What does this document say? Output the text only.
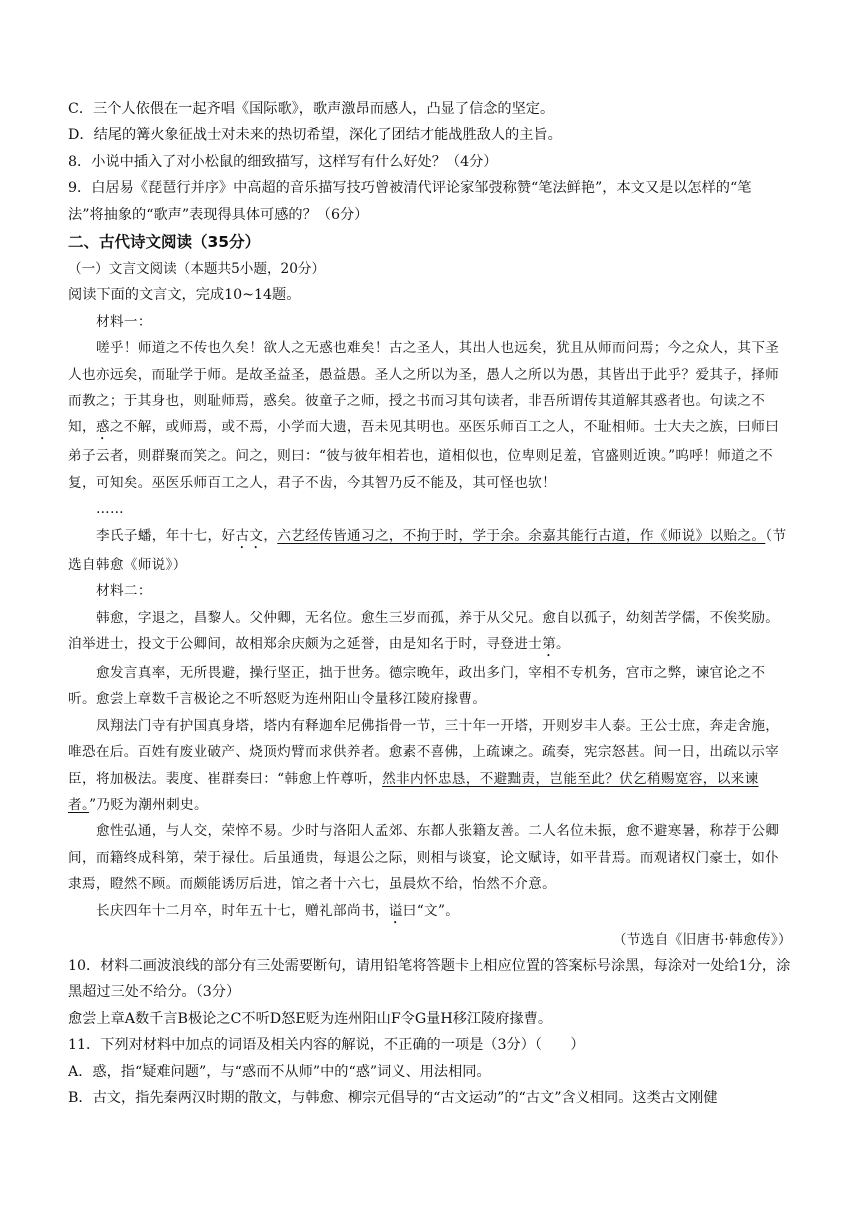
C．三个人依偎在一起齐唱《国际歌》，歌声激昂而感人，凸显了信念的坚定。
D．结尾的篝火象征战士对未来的热切希望，深化了团结才能战胜敌人的主旨。
8．小说中插入了对小松鼠的细致描写，这样写有什么好处？（4分）
9．白居易《琵琶行并序》中高超的音乐描写技巧曾被清代评论家邹弢称赞“笔法鲜艳”，本文又是以怎样的“笔
法”将抽象的“歌声”表现得具体可感的？（6分）
二、古代诗文阅读（35分）
（一）文言文阅读（本题共5小题，20分）
阅读下面的文言文，完成10~14题。
材料一：
嗟乎！师道之不传也久矣！欲人之无惑也难矣！古之圣人，其出人也远矣，犹且从师而问焉；今之众人，其下圣人也亦远矣，而耻学于师。是故圣益圣，愚益愚。圣人之所以为圣，愚人之所以为愚，其皆出于此乎？爱其子，择师而教之；于其身也，则耻师焉，惑矣。彼童子之师，授之书而习其句读者，非吾所谓传其道解其惑者也。句读之不知，惑之不解，或师焉，或不焉，小学而大遗，吾未见其明也。巫医乐师百工之人，不耻相师。士大夫之族，曰师曰弟子云者，则群聚而笑之。问之，则曰：“彼与彼年相若也，道相似也，位卑则足羞，官盛则近谀。”呜呼！师道之不复，可知矣。巫医乐师百工之人，君子不齿，今其智乃反不能及，其可怪也欤！
……
李氏子蟠，年十七，好古文，六艺经传皆通习之，不拘于时，学于余。余嘉其能行古道，作《师说》以贻之。（节选自韩愈《师说》）
材料二：
韩愈，字退之，昌黎人。父仲卿，无名位。愈生三岁而孤，养于从父兄。愈自以孤子，幼刻苦学儒，不俟奖励。洎举进士，投文于公卿间，故相郑余庆颇为之延誉，由是知名于时，寻登进士第。
愈发言真率，无所畏避，操行坚正，拙于世务。德宗晚年，政出多门，宰相不专机务，宫市之弊，谏官论之不听。愈尝上章数千言极论之不听怒贬为连州阳山令量移江陵府掾曹。
凤翔法门寺有护国真身塔，塔内有释迦牟尼佛指骨一节，三十年一开塔，开则岁丰人泰。王公士庶，奔走舍施，唯恐在后。百姓有废业破产、烧顶灼臂而求供养者。愈素不喜佛，上疏谏之。疏奏，宪宗怒甚。间一日，出疏以示宰臣，将加极法。裴度、崔群奏曰：“韩愈上忤尊听，然非内怀忠恳，不避黜责，岂能至此？伏乞稍赐宽容，以来谏者。”乃贬为潮州刺史。
愈性弘通，与人交，荣悴不易。少时与洛阳人孟郊、东都人张籍友善。二人名位未振，愈不避寒暑，称荐于公卿间，而籍终成科第，荣于禄仕。后虽通贵，每退公之际，则相与谈宴，论文赋诗，如平昔焉。而观诸权门豪士，如仆隶焉，瞪然不顾。而颇能诱厉后进，馆之者十六七，虽晨炊不给，怡然不介意。
长庆四年十二月卒，时年五十七，赠礼部尚书，谥曰“文”。
（节选自《旧唐书·韩愈传》）
10．材料二画波浪线的部分有三处需要断句，请用铅笔将答题卡上相应位置的答案标号涂黑，每涂对一处给1分，涂黑超过三处不给分。（3分）
愈尝上章A数千言B极论之C不听D怒E贬为连州阳山F令G量H移江陵府掾曹。
11．下列对材料中加点的词语及相关内容的解说，不正确的一项是（3分）（　　）
A．惑，指“疑难问题”，与“惑而不从师”中的“惑”词义、用法相同。
B．古文，指先秦两汉时期的散文，与韩愈、柳宗元倡导的“古文运动”的“古文”含义相同。这类古文刚健
